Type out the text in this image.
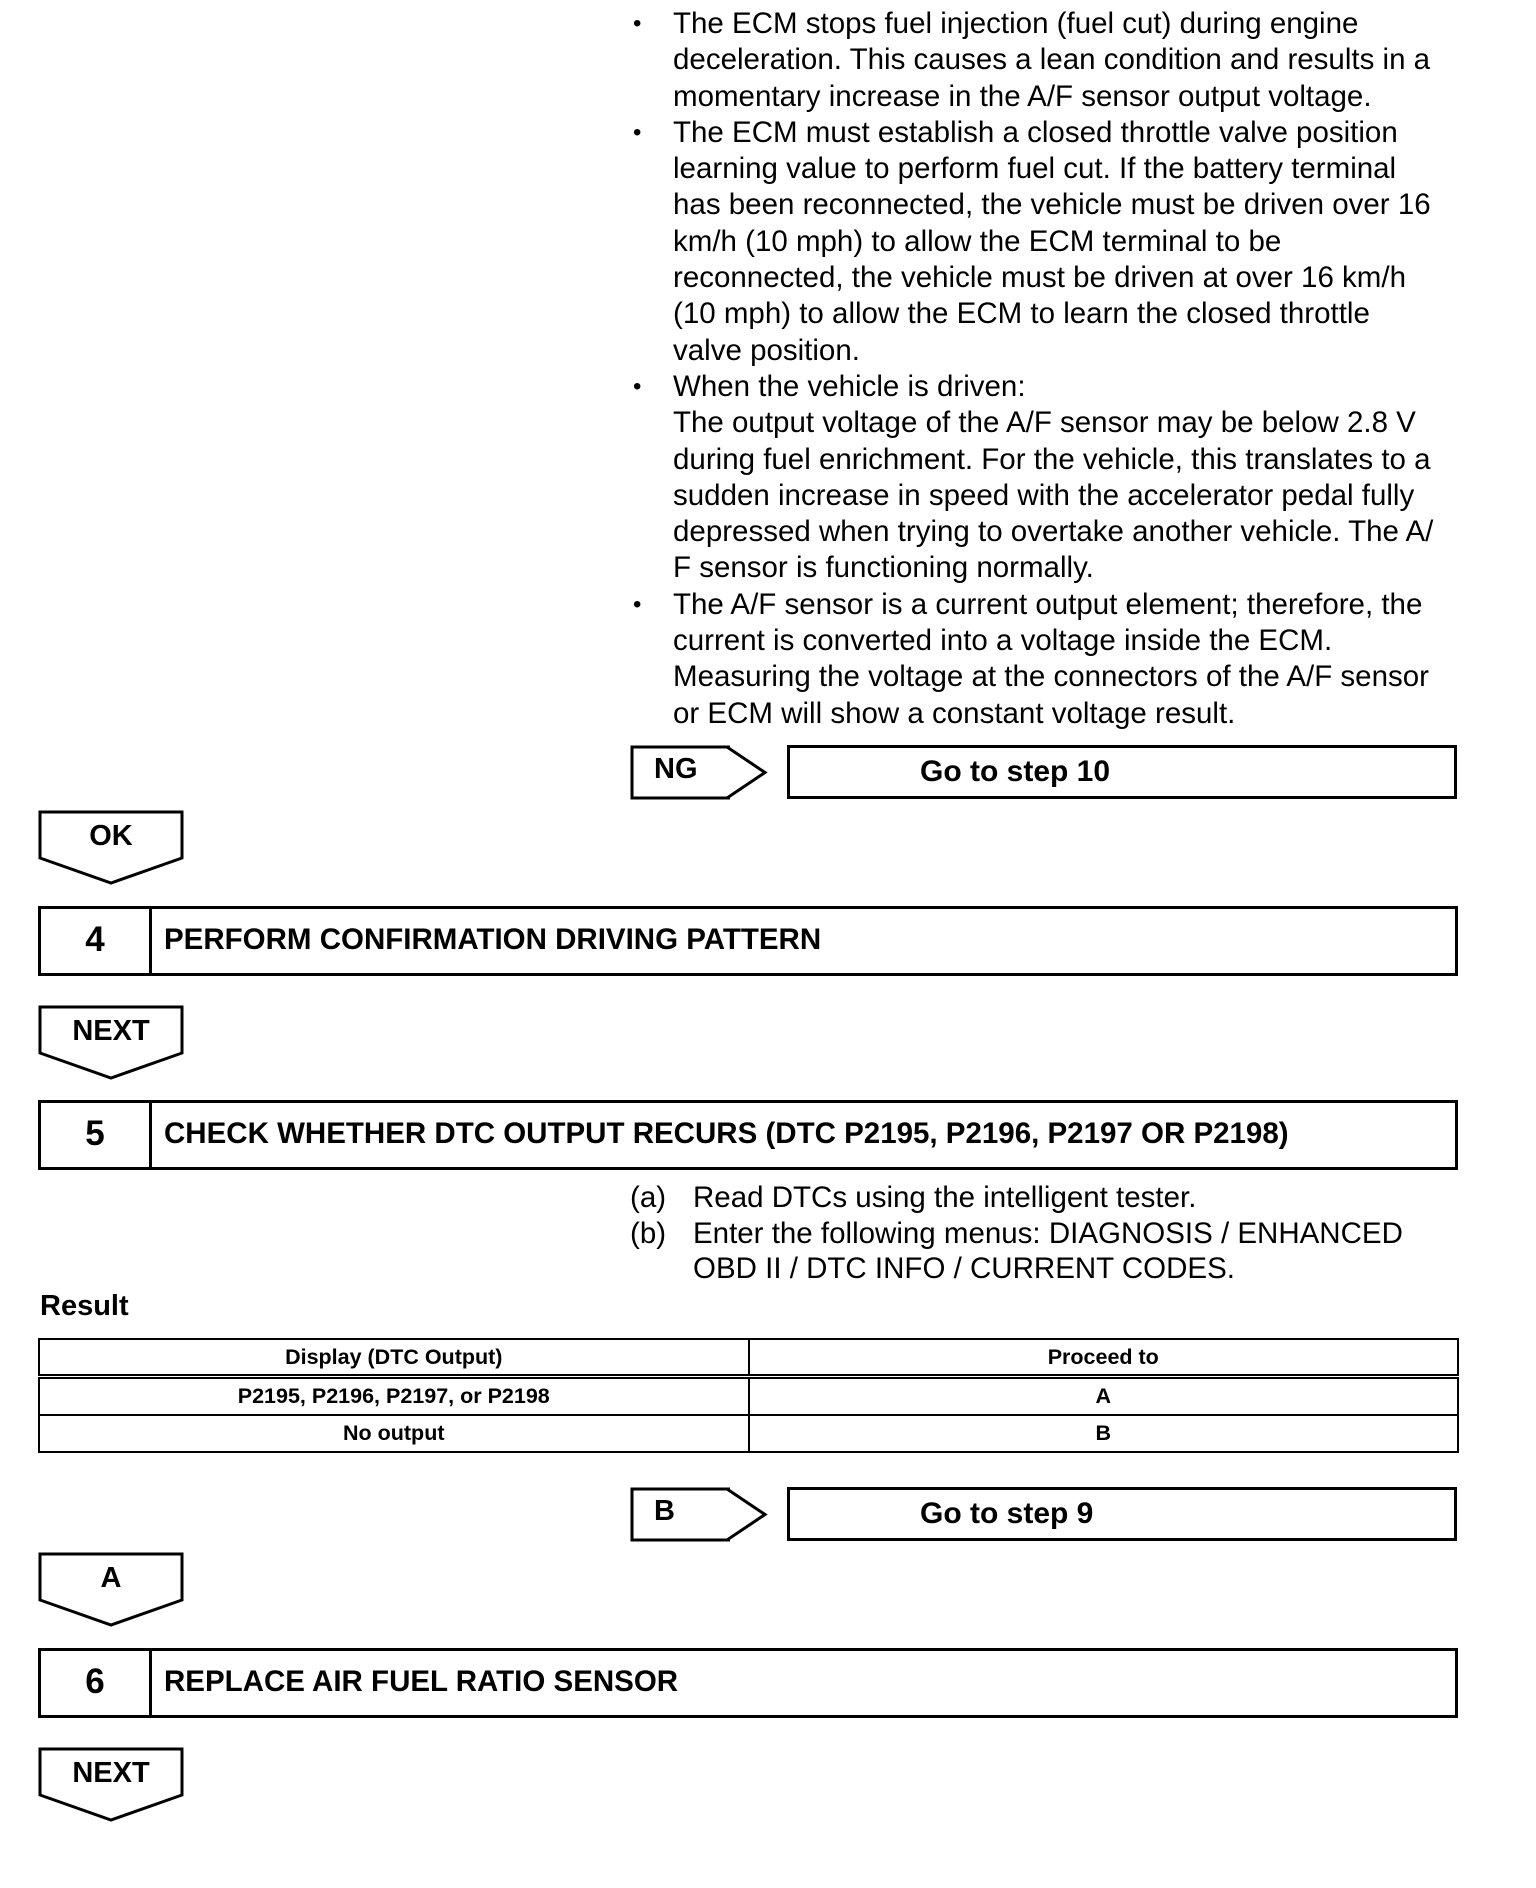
• The ECM stops fuel injection (fuel cut) during engine
deceleration. This causes a lean condition and results in a
momentary increase in the A/F sensor output voltage.
• The ECM must establish a closed throttle valve position
learning value to perform fuel cut. If the battery terminal
has been reconnected, the vehicle must be driven over 16
km/h (10 mph) to allow the ECM terminal to be
reconnected, the vehicle must be driven at over 16 km/h
(10 mph) to allow the ECM to learn the closed throttle
valve position.
• When the vehicle is driven:
The output voltage of the A/F sensor may be below 2.8 V
during fuel enrichment. For the vehicle, this translates to a
sudden increase in speed with the accelerator pedal fully
depressed when trying to overtake another vehicle. The A/
F sensor is functioning normally.
• The A/F sensor is a current output element; therefore, the
current is converted into a voltage inside the ECM.
Measuring the voltage at the connectors of the A/F sensor
or ECM will show a constant voltage result.
NG	Go to step 10
OK
4	PERFORM CONFIRMATION DRIVING PATTERN
NEXT
5	CHECK WHETHER DTC OUTPUT RECURS (DTC P2195, P2196, P2197 OR P2198)
(a) Read DTCs using the intelligent tester.
(b) Enter the following menus: DIAGNOSIS / ENHANCED
OBD II / DTC INFO / CURRENT CODES.
Result
Display (DTC Output)	Proceed to
P2195, P2196, P2197, or P2198	A
No output	B
B	Go to step 9
A
6	REPLACE AIR FUEL RATIO SENSOR
NEXT
